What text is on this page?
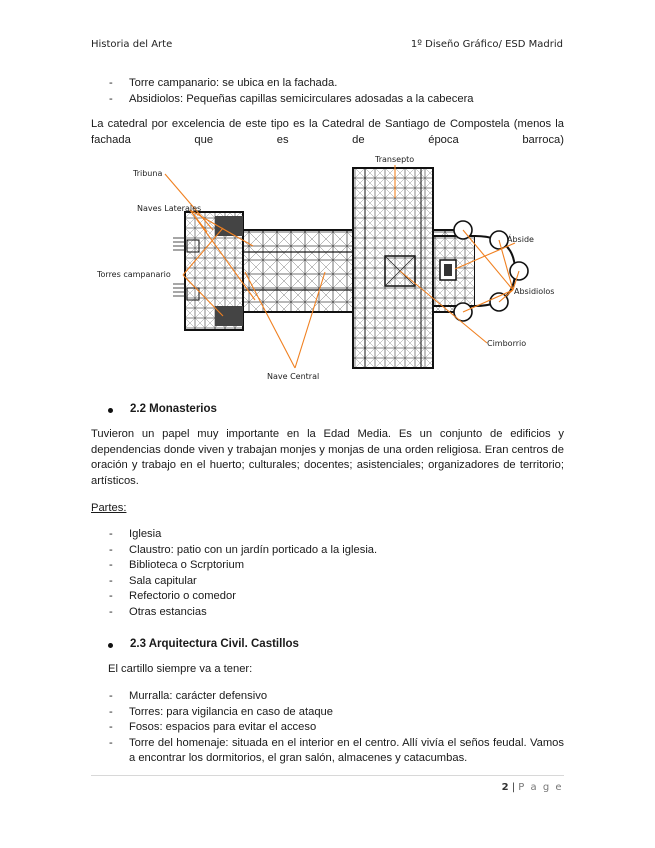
Historia del Arte	1º Diseño Gráfico/ ESD Madrid
- Torre campanario: se ubica en la fachada.
- Absidiolos: Pequeñas capillas semicirculares adosadas a la cabecera
La catedral por excelencia de este tipo es la Catedral de Santiago de Compostela (menos la fachada que es de época barroca)
Transepto
Tribuna
Naves Laterales
Ábside
Torres campanario
Absidiolos
Cimborrio
Nave Central
2.2 Monasterios
Tuvieron un papel muy importante en la Edad Media. Es un conjunto de edificios y dependencias donde viven y trabajan monjes y monjas de una orden religiosa. Eran centros de oración y trabajo en el huerto; culturales; docentes; asistenciales; organizadores de territorio; artísticos.
Partes:
- Iglesia
- Claustro: patio con un jardín porticado a la iglesia.
- Biblioteca o Scrptorium
- Sala capitular
- Refectorio o comedor
- Otras estancias
2.3 Arquitectura Civil. Castillos
El cartillo siempre va a tener:
- Murralla: carácter defensivo
- Torres: para vigilancia en caso de ataque
- Fosos: espacios para evitar el acceso
- Torre del homenaje: situada en el interior en el centro. Allí vivía el seños feudal. Vamos a encontrar los dormitorios, el gran salón, almacenes y catacumbas.
2 | P a g e
